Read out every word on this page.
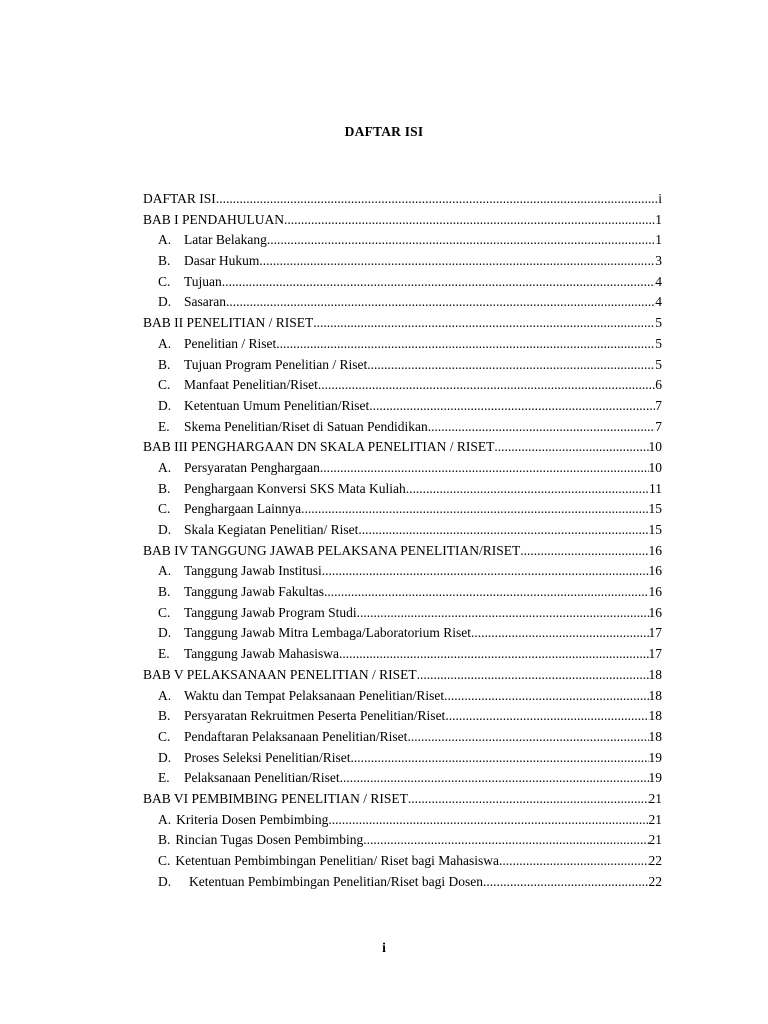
DAFTAR ISI
DAFTAR ISI .....	i
BAB I PENDAHULUAN .....	1
A. Latar Belakang .....	1
B.	Dasar Hukum .....	3
C.	Tujuan .....	4
D. Sasaran .....	4
BAB II PENELITIAN / RISET .....	5
A. Penelitian / Riset .....	5
B.	Tujuan Program Penelitian / Riset .....	5
C.	Manfaat Penelitian/Riset .....	6
D. Ketentuan Umum Penelitian/Riset .....	7
E.	Skema Penelitian/Riset di Satuan Pendidikan .....	7
BAB III PENGHARGAAN DN SKALA PENELITIAN / RISET .....	10
A. Persyaratan Penghargaan .....	10
B.	Penghargaan Konversi SKS Mata Kuliah .....	11
C.	Penghargaan Lainnya .....	15
D. Skala Kegiatan Penelitian/ Riset .....	15
BAB IV TANGGUNG JAWAB PELAKSANA PENELITIAN/RISET .....	16
A. Tanggung Jawab Institusi .....	16
B.	Tanggung Jawab Fakultas .....	16
C.	Tanggung Jawab Program Studi .....	16
D. Tanggung Jawab Mitra Lembaga/Laboratorium Riset .....	17
E.	Tanggung Jawab Mahasiswa .....	17
BAB V PELAKSANAAN PENELITIAN / RISET .....	18
A. Waktu dan Tempat Pelaksanaan Penelitian/Riset .....	18
B.	Persyaratan Rekruitmen Peserta Penelitian/Riset .....	18
C.	Pendaftaran Pelaksanaan Penelitian/Riset .....	18
D. Proses Seleksi Penelitian/Riset .....	19
E.	Pelaksanaan Penelitian/Riset .....	19
BAB VI PEMBIMBING PENELITIAN / RISET .....	21
A. Kriteria Dosen Pembimbing .....	21
B. Rincian Tugas Dosen Pembimbing .....	21
C. Ketentuan Pembimbingan Penelitian/ Riset bagi Mahasiswa .....	22
D.	Ketentuan Pembimbingan Penelitian/Riset bagi Dosen .....	22
i
